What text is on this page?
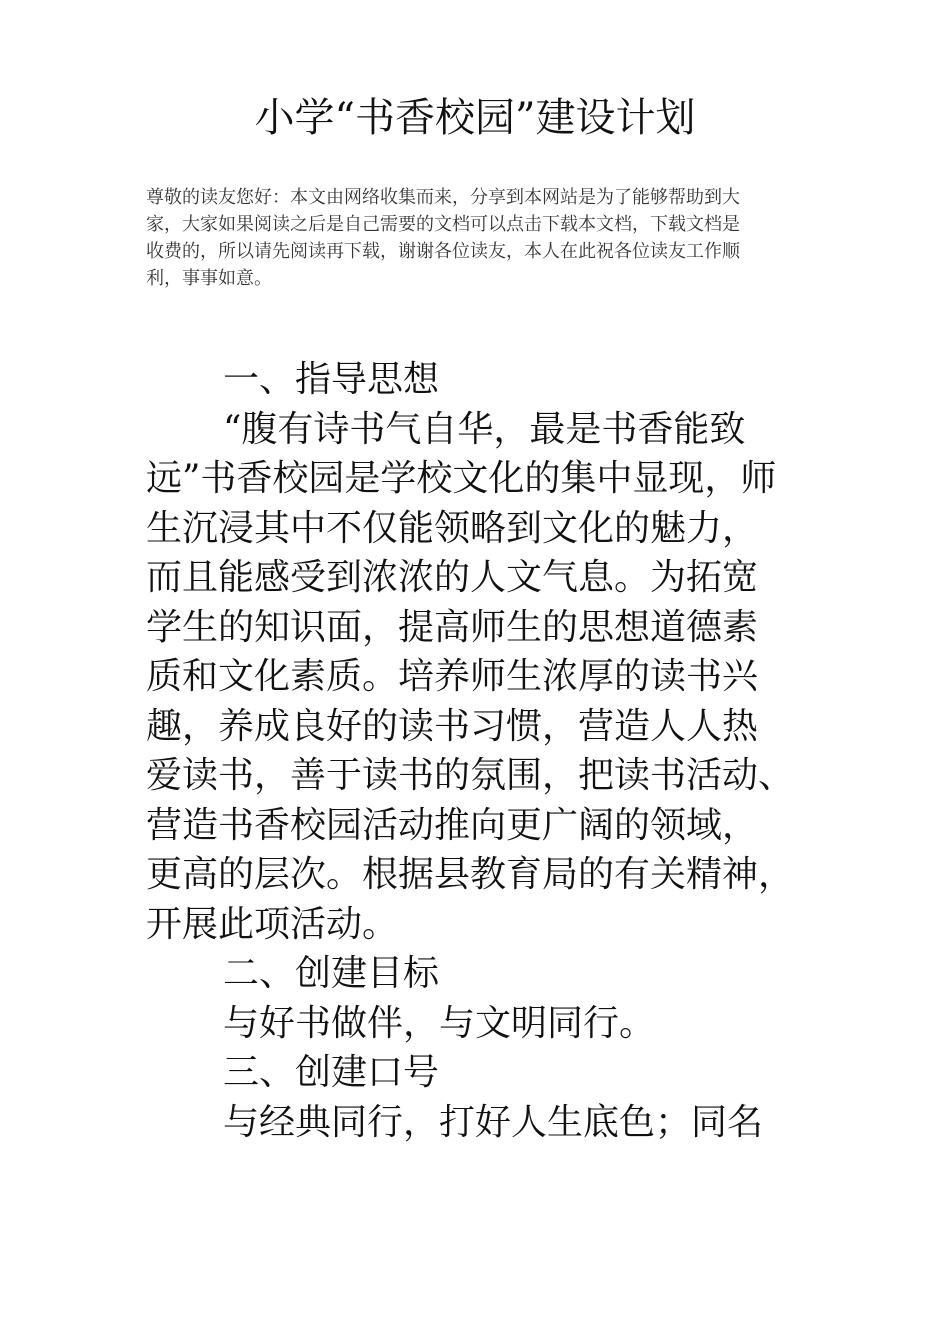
小学“书香校园”建设计划
尊敬的读友您好：本文由网络收集而来，分享到本网站是为了能够帮助到大
家，大家如果阅读之后是自己需要的文档可以点击下载本文档，下载文档是
收费的，所以请先阅读再下载，谢谢各位读友，本人在此祝各位读友工作顺
利，事事如意。
一、指导思想
“腹有诗书气自华，最是书香能致
远”书香校园是学校文化的集中显现，师
生沉浸其中不仅能领略到文化的魅力，
而且能感受到浓浓的人文气息。为拓宽
学生的知识面，提高师生的思想道德素
质和文化素质。培养师生浓厚的读书兴
趣，养成良好的读书习惯，营造人人热
爱读书，善于读书的氛围，把读书活动、
营造书香校园活动推向更广阔的领域，
更高的层次。根据县教育局的有关精神，
开展此项活动。
二、创建目标
与好书做伴，与文明同行。
三、创建口号
与经典同行，打好人生底色；同名
